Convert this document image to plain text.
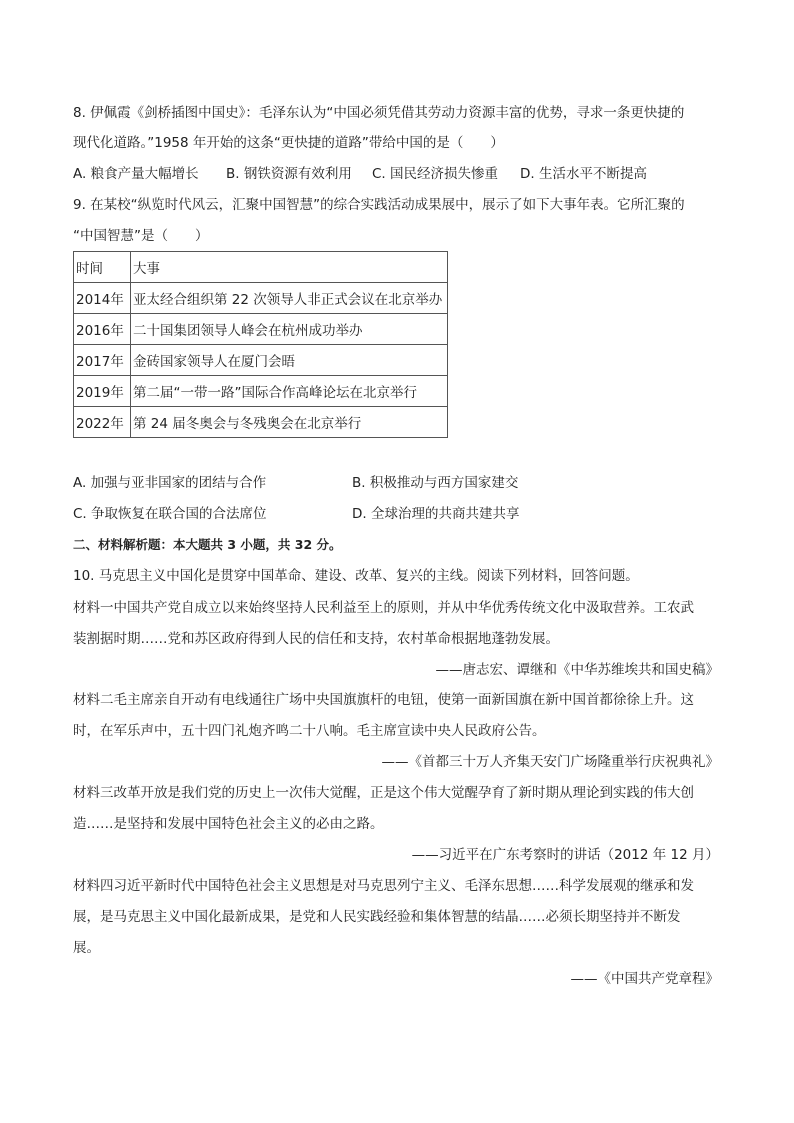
8. 伊佩霞《剑桥插图中国史》：毛泽东认为“中国必须凭借其劳动力资源丰富的优势，寻求一条更快捷的
现代化道路。”1958 年开始的这条“更快捷的道路”带给中国的是（　　）
A. 粮食产量大幅增长 B. 钢铁资源有效利用 C. 国民经济损失惨重 D. 生活水平不断提高
9. 在某校“纵览时代风云，汇聚中国智慧”的综合实践活动成果展中，展示了如下大事年表。它所汇聚的
“中国智慧”是（　　）
时间	大事
2014年	亚太经合组织第 22 次领导人非正式会议在北京举办
2016年	二十国集团领导人峰会在杭州成功举办
2017年	金砖国家领导人在厦门会晤
2019年	第二届“一带一路”国际合作高峰论坛在北京举行
2022年	第 24 届冬奥会与冬残奥会在北京举行
A. 加强与亚非国家的团结与合作	B. 积极推动与西方国家建交
C. 争取恢复在联合国的合法席位	D. 全球治理的共商共建共享
二、材料解析题：本大题共 3 小题，共 32 分。
10. 马克思主义中国化是贯穿中国革命、建设、改革、复兴的主线。阅读下列材料，回答问题。
材料一中国共产党自成立以来始终坚持人民利益至上的原则，并从中华优秀传统文化中汲取营养。工农武
装割据时期……党和苏区政府得到人民的信任和支持，农村革命根据地蓬勃发展。
——唐志宏、谭继和《中华苏维埃共和国史稿》
材料二毛主席亲自开动有电线通往广场中央国旗旗杆的电钮，使第一面新国旗在新中国首都徐徐上升。这
时，在军乐声中，五十四门礼炮齐鸣二十八响。毛主席宣读中央人民政府公告。
——《首都三十万人齐集天安门广场隆重举行庆祝典礼》
材料三改革开放是我们党的历史上一次伟大觉醒，正是这个伟大觉醒孕育了新时期从理论到实践的伟大创
造……是坚持和发展中国特色社会主义的必由之路。
——习近平在广东考察时的讲话（2012 年 12 月）
材料四习近平新时代中国特色社会主义思想是对马克思列宁主义、毛泽东思想……科学发展观的继承和发
展，是马克思主义中国化最新成果，是党和人民实践经验和集体智慧的结晶……必须长期坚持并不断发
展。
——《中国共产党章程》
